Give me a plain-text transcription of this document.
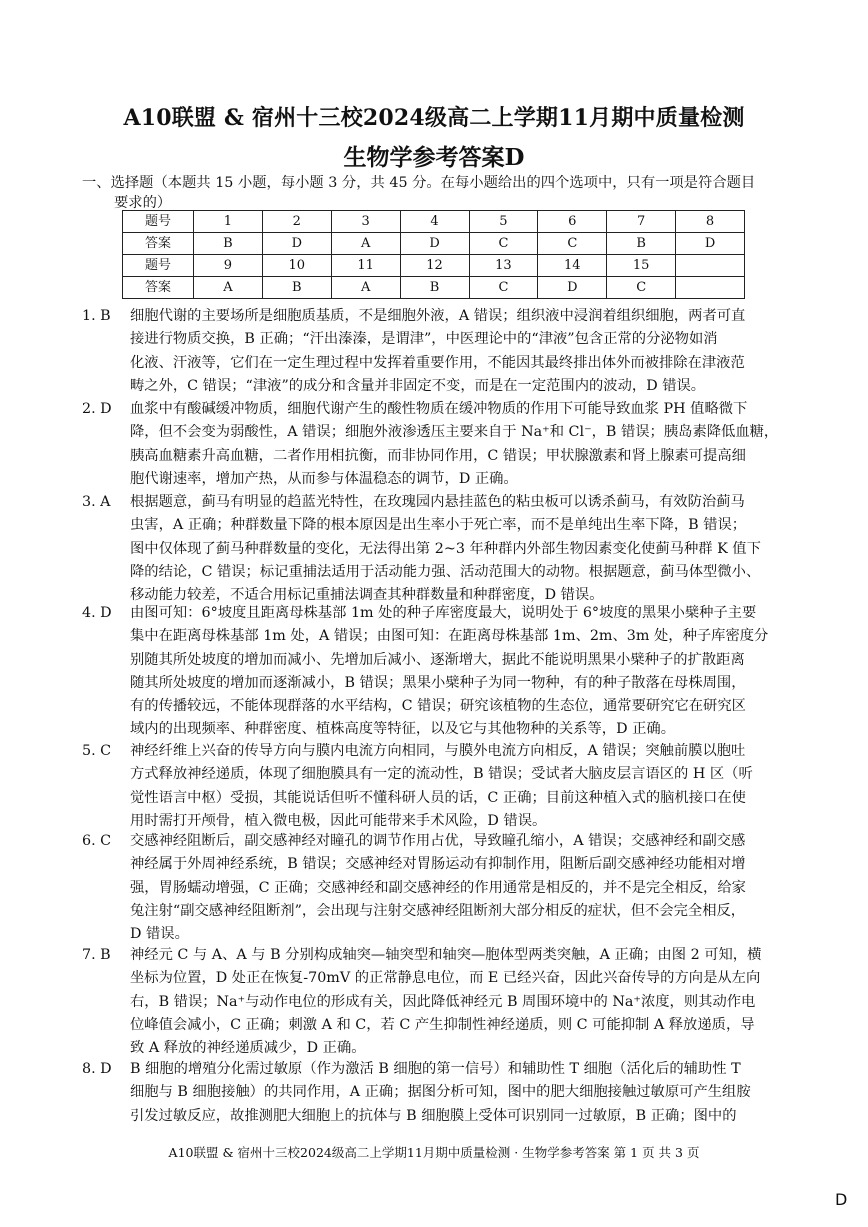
A10联盟 & 宿州十三校2024级高二上学期11月期中质量检测
生物学参考答案D
一、选择题（本题共 15 小题，每小题 3 分，共 45 分。在每小题给出的四个选项中，只有一项是符合题目
要求的）
题号	1	2	3	4	5	6	7	8
答案	B	D	A	D	C	C	B	D
题号	9	10	11	12	13	14	15	
答案	A	B	A	B	C	D	C	
1. B 细胞代谢的主要场所是细胞质基质，不是细胞外液，A 错误；组织液中浸润着组织细胞，两者可直
接进行物质交换，B 正确；“汗出溱溱，是谓津”，中医理论中的“津液”包含正常的分泌物如消
化液、汗液等，它们在一定生理过程中发挥着重要作用，不能因其最终排出体外而被排除在津液范
畴之外，C 错误；“津液”的成分和含量并非固定不变，而是在一定范围内的波动，D 错误。
2. D 血浆中有酸碱缓冲物质，细胞代谢产生的酸性物质在缓冲物质的作用下可能导致血浆 PH 值略微下
降，但不会变为弱酸性，A 错误；细胞外液渗透压主要来自于 Na⁺和 Cl⁻，B 错误；胰岛素降低血糖，
胰高血糖素升高血糖，二者作用相抗衡，而非协同作用，C 错误；甲状腺激素和肾上腺素可提高细
胞代谢速率，增加产热，从而参与体温稳态的调节，D 正确。
3. A 根据题意，蓟马有明显的趋蓝光特性，在玫瑰园内悬挂蓝色的粘虫板可以诱杀蓟马，有效防治蓟马
虫害，A 正确；种群数量下降的根本原因是出生率小于死亡率，而不是单纯出生率下降，B 错误；
图中仅体现了蓟马种群数量的变化，无法得出第 2~3 年种群内外部生物因素变化使蓟马种群 K 值下
降的结论，C 错误；标记重捕法适用于活动能力强、活动范围大的动物。根据题意，蓟马体型微小、
移动能力较差，不适合用标记重捕法调查其种群数量和种群密度，D 错误。
4. D 由图可知：6°坡度且距离母株基部 1m 处的种子库密度最大，说明处于 6°坡度的黑果小檗种子主要
集中在距离母株基部 1m 处，A 错误；由图可知：在距离母株基部 1m、2m、3m 处，种子库密度分
别随其所处坡度的增加而减小、先增加后减小、逐渐增大，据此不能说明黑果小檗种子的扩散距离
随其所处坡度的增加而逐渐减小，B 错误；黑果小檗种子为同一物种，有的种子散落在母株周围，
有的传播较远，不能体现群落的水平结构，C 错误；研究该植物的生态位，通常要研究它在研究区
域内的出现频率、种群密度、植株高度等特征，以及它与其他物种的关系等，D 正确。
5. C 神经纤维上兴奋的传导方向与膜内电流方向相同，与膜外电流方向相反，A 错误；突触前膜以胞吐
方式释放神经递质，体现了细胞膜具有一定的流动性，B 错误；受试者大脑皮层言语区的 H 区（听
觉性语言中枢）受损，其能说话但听不懂科研人员的话，C 正确；目前这种植入式的脑机接口在使
用时需打开颅骨，植入微电极，因此可能带来手术风险，D 错误。
6. C 交感神经阻断后，副交感神经对瞳孔的调节作用占优，导致瞳孔缩小，A 错误；交感神经和副交感
神经属于外周神经系统，B 错误；交感神经对胃肠运动有抑制作用，阻断后副交感神经功能相对增
强，胃肠蠕动增强，C 正确；交感神经和副交感神经的作用通常是相反的，并不是完全相反，给家
兔注射“副交感神经阻断剂”，会出现与注射交感神经阻断剂大部分相反的症状，但不会完全相反，
D 错误。
7. B 神经元 C 与 A、A 与 B 分别构成轴突—轴突型和轴突—胞体型两类突触，A 正确；由图 2 可知，横
坐标为位置，D 处正在恢复-70mV 的正常静息电位，而 E 已经兴奋，因此兴奋传导的方向是从左向
右，B 错误；Na⁺与动作电位的形成有关，因此降低神经元 B 周围环境中的 Na⁺浓度，则其动作电
位峰值会减小，C 正确；刺激 A 和 C，若 C 产生抑制性神经递质，则 C 可能抑制 A 释放递质，导
致 A 释放的神经递质减少，D 正确。
8. D B 细胞的增殖分化需过敏原（作为激活 B 细胞的第一信号）和辅助性 T 细胞（活化后的辅助性 T
细胞与 B 细胞接触）的共同作用，A 正确；据图分析可知，图中的肥大细胞接触过敏原可产生组胺
引发过敏反应，故推测肥大细胞上的抗体与 B 细胞膜上受体可识别同一过敏原，B 正确；图中的
A10联盟 & 宿州十三校2024级高二上学期11月期中质量检测 · 生物学参考答案 第 1 页 共 3 页
D
